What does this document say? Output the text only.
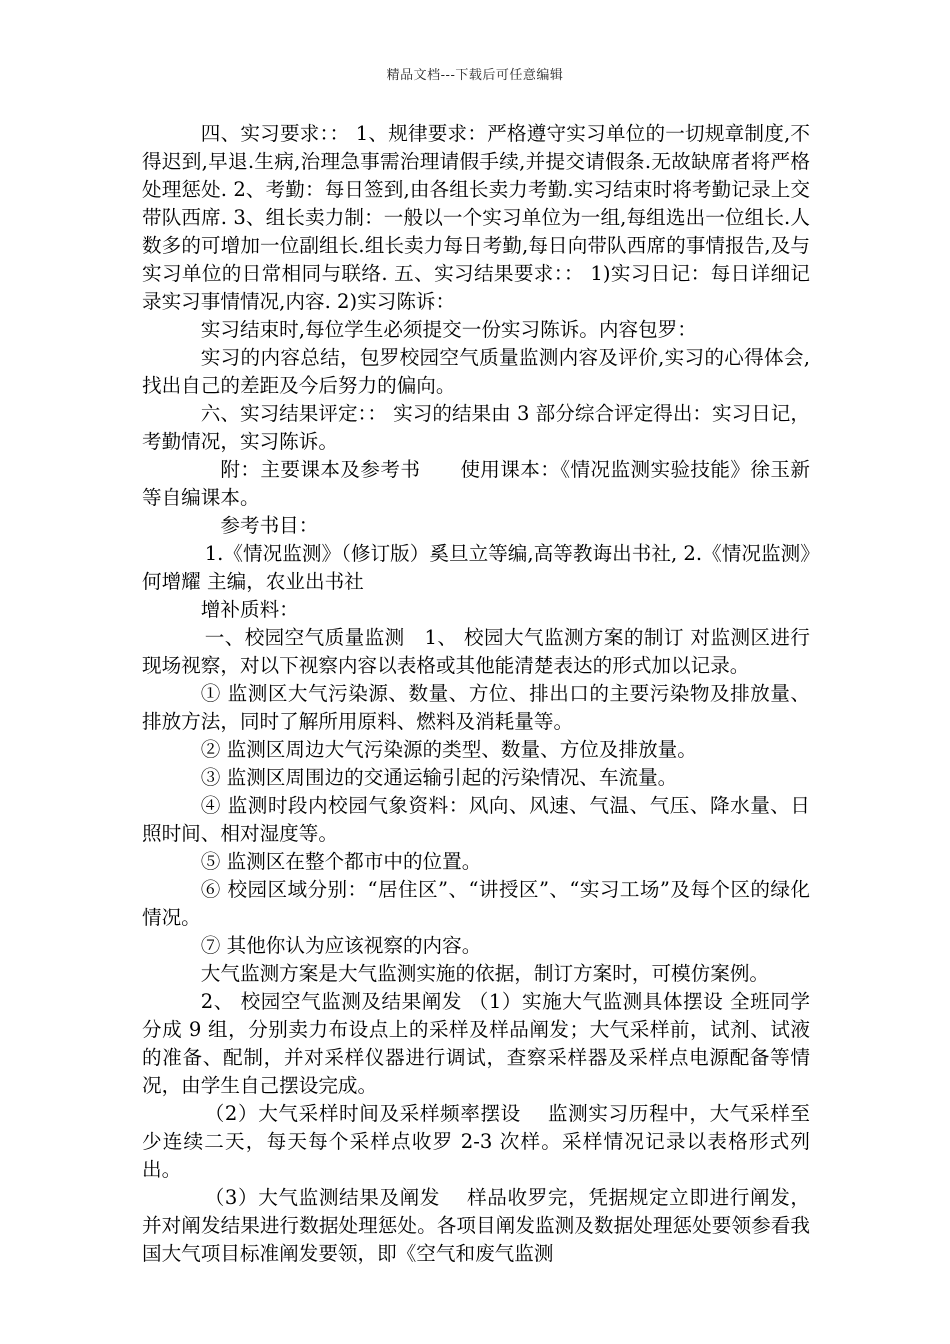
精品文档---下载后可任意编辑

四、实习要求：： 1、规律要求：严格遵守实习单位的一切规章制度,不得迟到,早退.生病,治理急事需治理请假手续,并提交请假条.无故缺席者将严格处理惩处. 2、考勤：每日签到,由各组长卖力考勤.实习结束时将考勤记录上交带队西席. 3、组长卖力制：一般以一个实习单位为一组,每组选出一位组长.人数多的可增加一位副组长.组长卖力每日考勤,每日向带队西席的事情报告,及与实习单位的日常相同与联络. 五、实习结果要求：： 1)实习日记：每日详细记录实习事情情况,内容. 2)实习陈诉：

实习结束时,每位学生必须提交一份实习陈诉。内容包罗：

实习的内容总结，包罗校园空气质量监测内容及评价,实习的心得体会,找出自己的差距及今后努力的偏向。

六、实习结果评定：： 实习的结果由 3 部分综合评定得出：实习日记，考勤情况，实习陈诉。

附：主要课本及参考书　　使用课本：《情况监测实验技能》徐玉新等自编课本。

参考书目：

1.《情况监测》（修订版）奚旦立等编,高等教诲出书社, 2.《情况监测》何增耀 主编，农业出书社

增补质料：

一、校园空气质量监测　1、 校园大气监测方案的制订 对监测区进行现场视察，对以下视察内容以表格或其他能清楚表达的形式加以记录。

① 监测区大气污染源、数量、方位、排出口的主要污染物及排放量、排放方法，同时了解所用原料、燃料及消耗量等。

② 监测区周边大气污染源的类型、数量、方位及排放量。

③ 监测区周围边的交通运输引起的污染情况、车流量。

④ 监测时段内校园气象资料：风向、风速、气温、气压、降水量、日照时间、相对湿度等。

⑤ 监测区在整个都市中的位置。

⑥ 校园区域分别：“居住区”、“讲授区”、“实习工场”及每个区的绿化情况。

⑦ 其他你认为应该视察的内容。

大气监测方案是大气监测实施的依据，制订方案时，可模仿案例。

2、 校园空气监测及结果阐发 （1）实施大气监测具体摆设 全班同学分成 9 组，分别卖力布设点上的采样及样品阐发；大气采样前，试剂、试液的准备、配制，并对采样仪器进行调试，查察采样器及采样点电源配备等情况，由学生自己摆设完成。

（2）大气采样时间及采样频率摆设　 监测实习历程中，大气采样至少连续二天，每天每个采样点收罗 2-3 次样。采样情况记录以表格形式列出。

（3）大气监测结果及阐发　 样品收罗完，凭据规定立即进行阐发，并对阐发结果进行数据处理惩处。各项目阐发监测及数据处理惩处要领参看我国大气项目标准阐发要领，即《空气和废气监测
